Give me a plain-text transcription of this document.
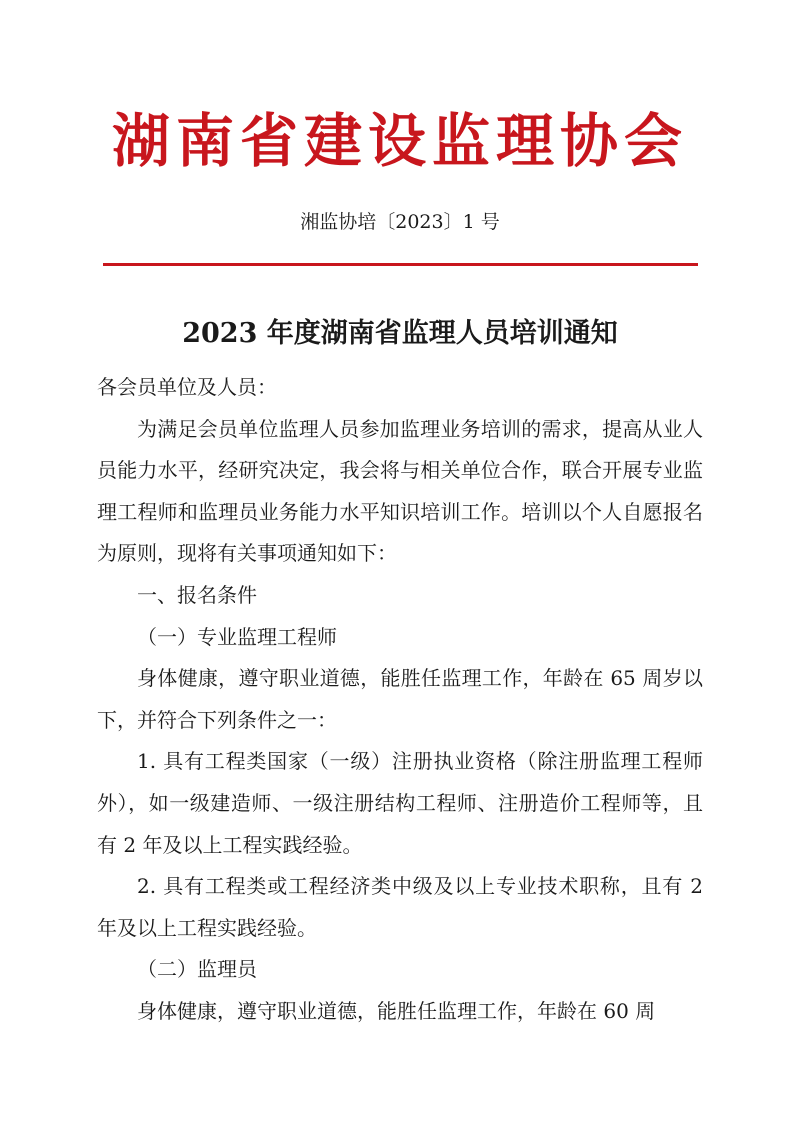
湖南省建设监理协会
湘监协培〔2023〕1 号
2023 年度湖南省监理人员培训通知

各会员单位及人员：

为满足会员单位监理人员参加监理业务培训的需求，提高从业人员能力水平，经研究决定，我会将与相关单位合作，联合开展专业监理工程师和监理员业务能力水平知识培训工作。培训以个人自愿报名为原则，现将有关事项通知如下：

一、报名条件

（一）专业监理工程师

身体健康，遵守职业道德，能胜任监理工作，年龄在 65 周岁以下，并符合下列条件之一：

1. 具有工程类国家（一级）注册执业资格（除注册监理工程师外），如一级建造师、一级注册结构工程师、注册造价工程师等，且有 2 年及以上工程实践经验。

2. 具有工程类或工程经济类中级及以上专业技术职称，且有 2 年及以上工程实践经验。

（二）监理员

身体健康，遵守职业道德，能胜任监理工作，年龄在 60 周
